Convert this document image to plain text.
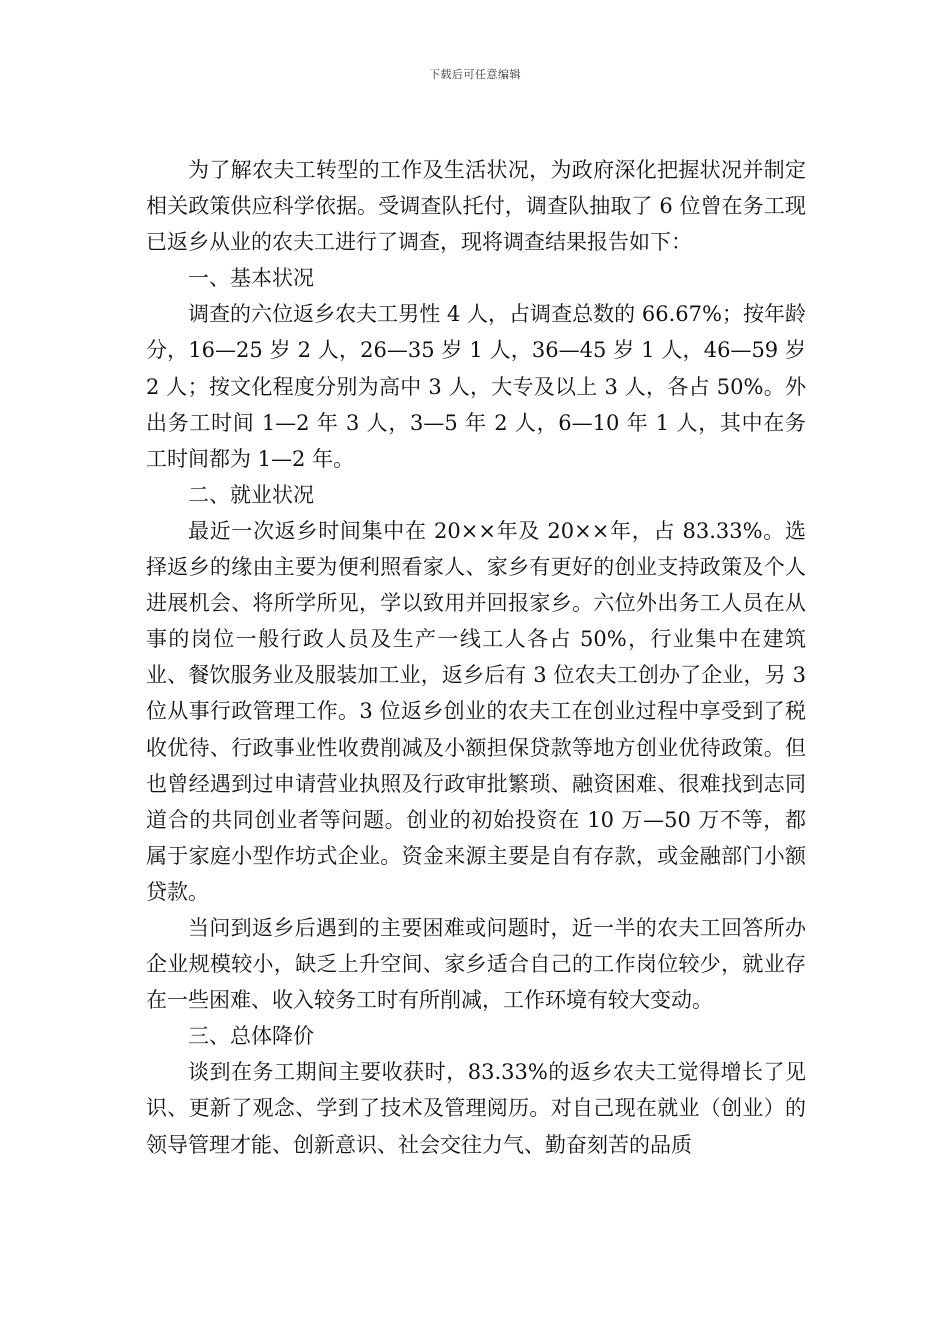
下载后可任意编辑

为了解农夫工转型的工作及生活状况，为政府深化把握状况并制定相关政策供应科学依据。受调查队托付，调查队抽取了 6 位曾在务工现已返乡从业的农夫工进行了调查，现将调查结果报告如下：

一、基本状况

调查的六位返乡农夫工男性 4 人，占调查总数的 66.67%；按年龄分，16—25 岁 2 人，26—35 岁 1 人，36—45 岁 1 人，46—59 岁 2 人；按文化程度分别为高中 3 人，大专及以上 3 人，各占 50%。外出务工时间 1—2 年 3 人，3—5 年 2 人，6—10 年 1 人，其中在务工时间都为 1—2 年。

二、就业状况

最近一次返乡时间集中在 20××年及 20××年，占 83.33%。选择返乡的缘由主要为便利照看家人、家乡有更好的创业支持政策及个人进展机会、将所学所见，学以致用并回报家乡。六位外出务工人员在从事的岗位一般行政人员及生产一线工人各占 50%，行业集中在建筑业、餐饮服务业及服装加工业，返乡后有 3 位农夫工创办了企业，另 3 位从事行政管理工作。3 位返乡创业的农夫工在创业过程中享受到了税收优待、行政事业性收费削减及小额担保贷款等地方创业优待政策。但也曾经遇到过申请营业执照及行政审批繁琐、融资困难、很难找到志同道合的共同创业者等问题。创业的初始投资在 10 万—50 万不等，都属于家庭小型作坊式企业。资金来源主要是自有存款，或金融部门小额贷款。

当问到返乡后遇到的主要困难或问题时，近一半的农夫工回答所办企业规模较小，缺乏上升空间、家乡适合自己的工作岗位较少，就业存在一些困难、收入较务工时有所削减，工作环境有较大变动。

三、总体降价

谈到在务工期间主要收获时，83.33%的返乡农夫工觉得增长了见识、更新了观念、学到了技术及管理阅历。对自己现在就业（创业）的领导管理才能、创新意识、社会交往力气、勤奋刻苦的品质
